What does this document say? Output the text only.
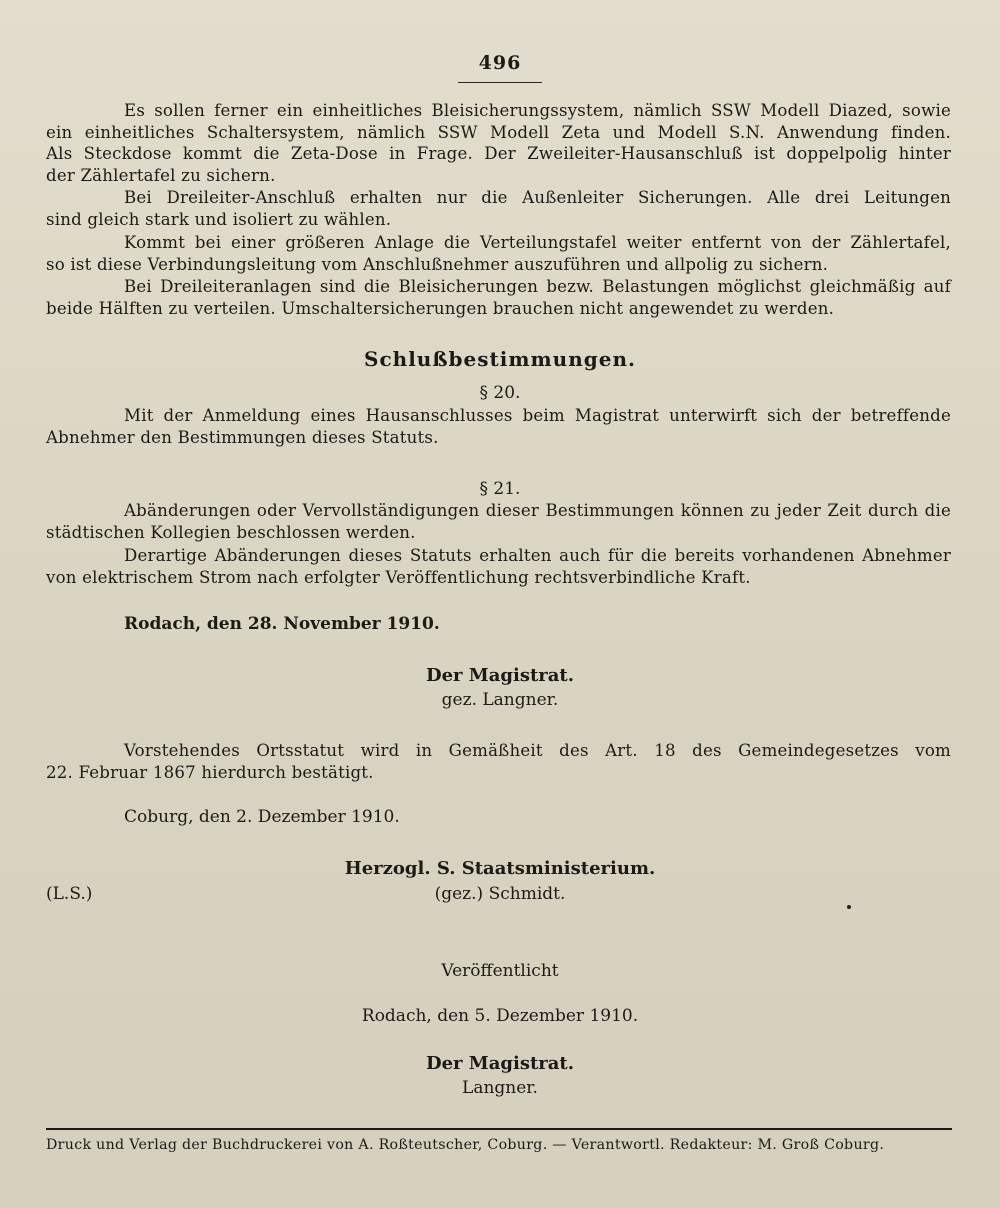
496
Es sollen ferner ein einheitliches Bleisicherungssystem, nämlich SSW Modell Diazed, sowie
ein einheitliches Schaltersystem, nämlich SSW Modell Zeta und Modell S.N. Anwendung finden.
Als Steckdose kommt die Zeta-Dose in Frage. Der Zweileiter-Hausanschluß ist doppelpolig hinter
der Zählertafel zu sichern.
Bei Dreileiter-Anschluß erhalten nur die Außenleiter Sicherungen. Alle drei Leitungen
sind gleich stark und isoliert zu wählen.
Kommt bei einer größeren Anlage die Verteilungstafel weiter entfernt von der Zählertafel,
so ist diese Verbindungsleitung vom Anschlußnehmer auszuführen und allpolig zu sichern.
Bei Dreileiteranlagen sind die Bleisicherungen bezw. Belastungen möglichst gleichmäßig auf
beide Hälften zu verteilen. Umschaltersicherungen brauchen nicht angewendet zu werden.
Schlußbestimmungen.
§ 20.
Mit der Anmeldung eines Hausanschlusses beim Magistrat unterwirft sich der betreffende
Abnehmer den Bestimmungen dieses Statuts.
§ 21.
Abänderungen oder Vervollständigungen dieser Bestimmungen können zu jeder Zeit durch die
städtischen Kollegien beschlossen werden.
Derartige Abänderungen dieses Statuts erhalten auch für die bereits vorhandenen Abnehmer
von elektrischem Strom nach erfolgter Veröffentlichung rechtsverbindliche Kraft.
Rodach, den 28. November 1910.
Der Magistrat.
gez. Langner.
Vorstehendes Ortsstatut wird in Gemäßheit des Art. 18 des Gemeindegesetzes vom
22. Februar 1867 hierdurch bestätigt.
Coburg, den 2. Dezember 1910.
Herzogl. S. Staatsministerium.
(L.S.)	(gez.) Schmidt.
Veröffentlicht
Rodach, den 5. Dezember 1910.
Der Magistrat.
Langner.
Druck und Verlag der Buchdruckerei von A. Roßteutscher, Coburg. — Verantwortl. Redakteur: M. Groß Coburg.
